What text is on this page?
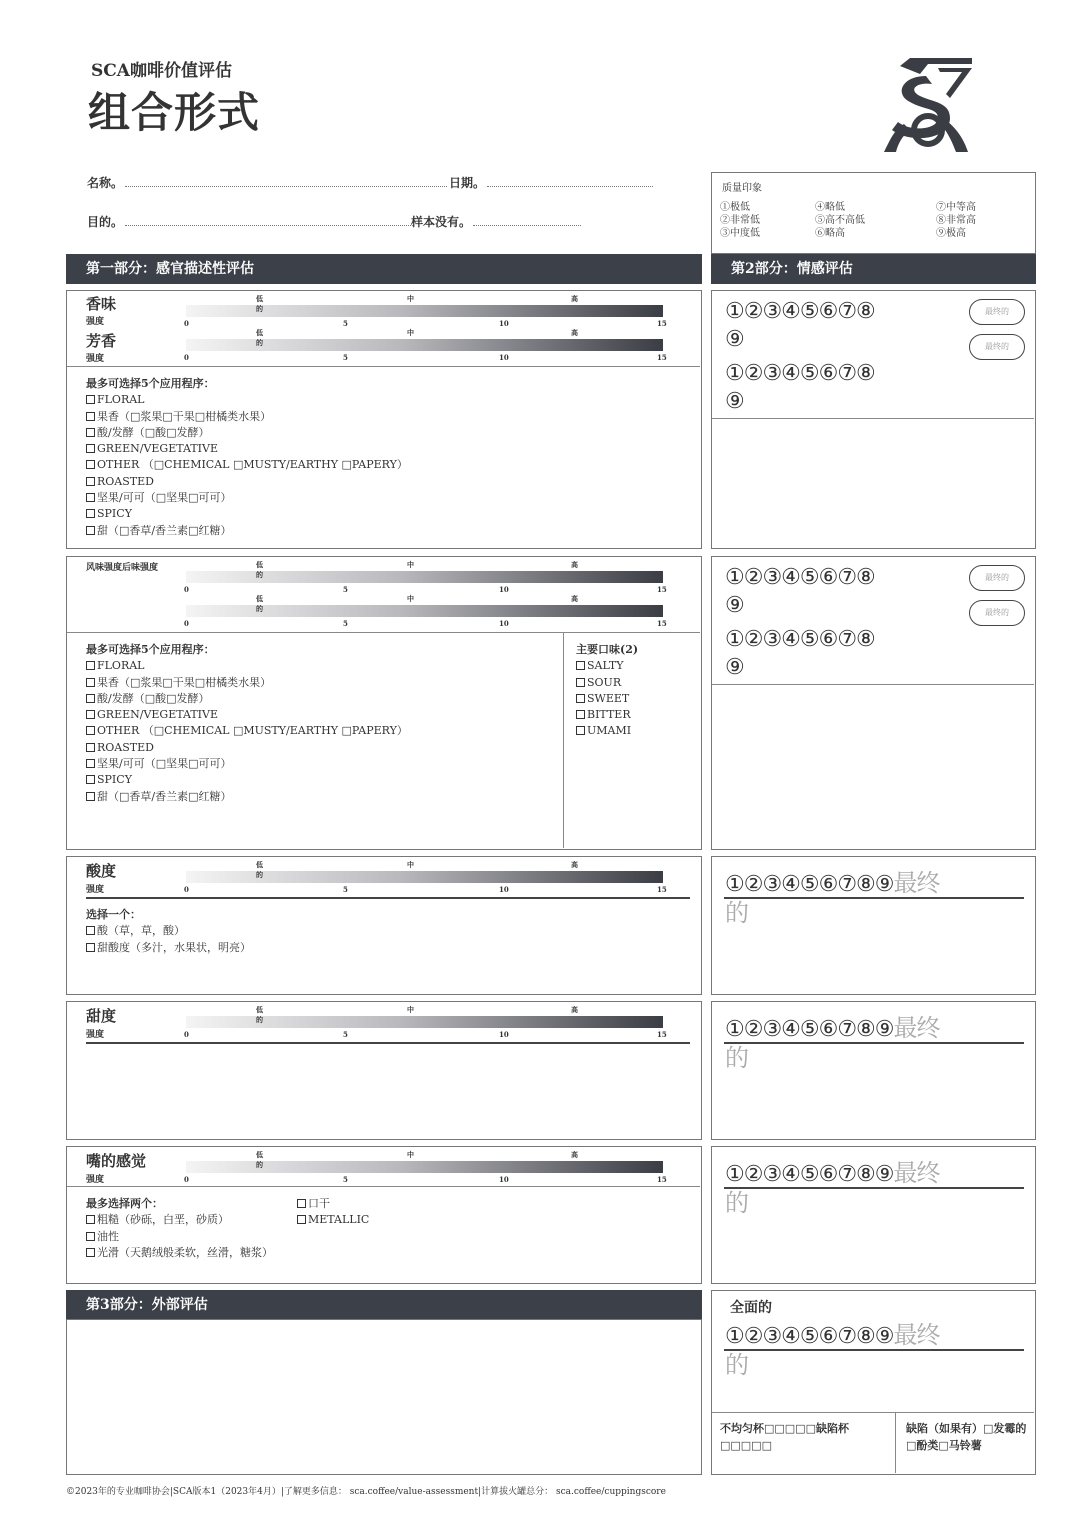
SCA咖啡价值评估
组合形式
名称。	日期。
目的。	样本没有。
质量印象
①极低	④略低	⑦中等高
②非常低	⑤高不高低	⑧非常高
③中度低	⑥略高	⑨极高
第一部分：感官描述性评估	第2部分：情感评估
第3部分：外部评估
香味
强度
芳香
强度
最多可选择5个应用程序：
FLORAL
果香（□浆果□干果□柑橘类水果）
酸/发酵（□酸□发酵）
GREEN/VEGETATIVE
OTHER （□CHEMICAL □MUSTY/EARTHY □PAPERY）
ROASTED
坚果/可可（□坚果□可可）
SPICY
甜（□香草/香兰素□红糖）
低的
中	高
0	5	10	15
低的
中	高
0	5	10	15
风味强度后味强度
最多可选择5个应用程序：
FLORAL
果香（□浆果□干果□柑橘类水果）
酸/发酵（□酸□发酵）
GREEN/VEGETATIVE
OTHER （□CHEMICAL □MUSTY/EARTHY □PAPERY）
ROASTED
坚果/可可（□坚果□可可）
SPICY
甜（□香草/香兰素□红糖）
主要口味(2)
SALTY
SOUR
SWEET
BITTER
UMAMI
低的
中	高
0	5	10	15
低的
中	高
0	5	10	15
酸度
强度
选择一个：
酸（草，草，酸）
甜酸度（多汁，水果状，明亮）
低的
中	高
0	5	10	15
甜度
强度
低的
中	高
0	5	10	15
嘴的感觉
强度
最多选择两个：
粗糙（砂砾，白垩，砂质）
油性
光滑（天鹅绒般柔软，丝滑，糖浆）
口干
METALLIC
低的
中	高
0	5	10	15
①②③④⑤⑥⑦⑧
⑨
①②③④⑤⑥⑦⑧
⑨
最终的
最终的
①②③④⑤⑥⑦⑧
⑨
①②③④⑤⑥⑦⑧
⑨
最终的
最终的
①②③④⑤⑥⑦⑧⑨最终
的
①②③④⑤⑥⑦⑧⑨最终
的
①②③④⑤⑥⑦⑧⑨最终
的
全面的
①②③④⑤⑥⑦⑧⑨最终
的
不均匀杯□□□□□缺陷杯□□□□□
缺陷（如果有）□发霉的□酚类□马铃薯
©2023年的专业咖啡协会|SCA版本1（2023年4月）|了解更多信息： sca.coffee/value-assessment|计算拔火罐总分： sca.coffee/cuppingscore
